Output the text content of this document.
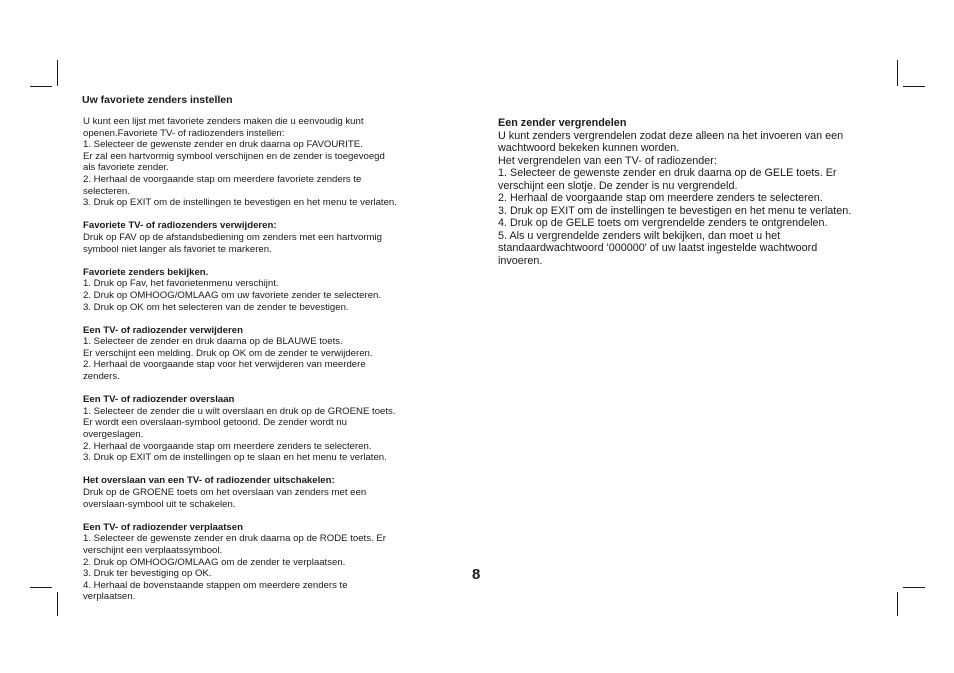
Uw favoriete zenders instellen

U kunt een lijst met favoriete zenders maken die u eenvoudig kunt
openen.Favoriete TV- of radiozenders instellen:
1. Selecteer de gewenste zender en druk daarna op FAVOURITE.
Er zal een hartvormig symbool verschijnen en de zender is toegevoegd
als favoriete zender.
2. Herhaal de voorgaande stap om meerdere favoriete zenders te
selecteren.
3. Druk op EXIT om de instellingen te bevestigen en het menu te verlaten.

Favoriete TV- of radiozenders verwijderen:

Druk op FAV op de afstandsbediening om zenders met een hartvormig
symbool niet langer als favoriet te markeren.

Favoriete zenders bekijken.

1. Druk op Fav, het favorietenmenu verschijnt.
2. Druk op OMHOOG/OMLAAG om uw favoriete zender te selecteren.
3. Druk op OK om het selecteren van de zender te bevestigen.

Een TV- of radiozender verwijderen

1. Selecteer de zender en druk daarna op de BLAUWE toets.
Er verschijnt een melding. Druk op OK om de zender te verwijderen.
2. Herhaal de voorgaande stap voor het verwijderen van meerdere
zenders.

Een TV- of radiozender overslaan

1. Selecteer de zender die u wilt overslaan en druk op de GROENE toets.
Er wordt een overslaan-symbool getoond. De zender wordt nu
overgeslagen.
2. Herhaal de voorgaande stap om meerdere zenders te selecteren.
3. Druk op EXIT om de instellingen op te slaan en het menu te verlaten.

Het overslaan van een TV- of radiozender uitschakelen:

Druk op de GROENE toets om het overslaan van zenders met een
overslaan-symbool uit te schakelen.

Een TV- of radiozender verplaatsen

1. Selecteer de gewenste zender en druk daarna op de RODE toets. Er
verschijnt een verplaatssymbool.
2. Druk op OMHOOG/OMLAAG om de zender te verplaatsen.
3. Druk ter bevestiging op OK.
4. Herhaal de bovenstaande stappen om meerdere zenders te
verplaatsen.

Een zender vergrendelen

U kunt zenders vergrendelen zodat deze alleen na het invoeren van een
wachtwoord bekeken kunnen worden.
Het vergrendelen van een TV- of radiozender:
1. Selecteer de gewenste zender en druk daarna op de GELE toets. Er
verschijnt een slotje. De zender is nu vergrendeld.
2. Herhaal de voorgaande stap om meerdere zenders te selecteren.
3. Druk op EXIT om de instellingen te bevestigen en het menu te verlaten.
4. Druk op de GELE toets om vergrendelde zenders te ontgrendelen.
5. Als u vergrendelde zenders wilt bekijken, dan moet u het
standaardwachtwoord '000000' of uw laatst ingestelde wachtwoord
invoeren.

8
